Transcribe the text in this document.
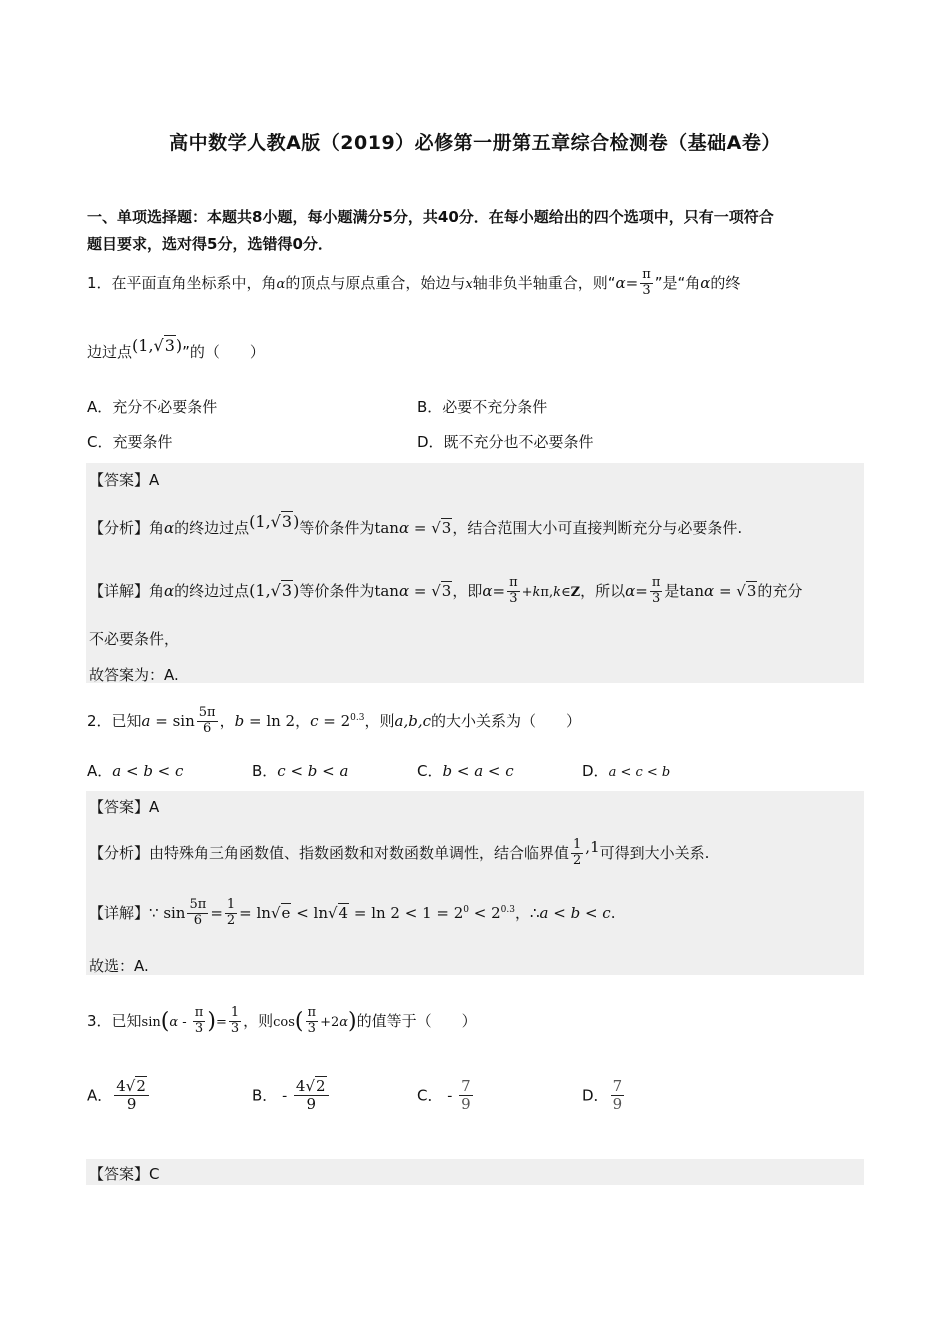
高中数学人教A版（2019）必修第一册第五章综合检测卷（基础A卷）
一、单项选择题：本题共8小题，每小题满分5分，共40分．在每小题给出的四个选项中，只有一项符合
题目要求，选对得5分，选错得0分．
1．在平面直角坐标系中，角α的顶点与原点重合，始边与x轴非负半轴重合，则“$\alpha= \frac{\pi}{3}$ ”是“角α的终
边过点(1,√3)”的（　　）
A．充分不必要条件	B．必要不充分条件
C．充要条件	D．既不充分也不必要条件
【答案】A
【分析】角α的终边过点(1,√3)等价条件为tanα = √3，结合范围大小可直接判断充分与必要条件.
【详解】角α的终边过点(1,√3)等价条件为tanα = √3，即$\alpha= \frac{\pi}{3}$ +kπ,k∈Z，所以$\alpha= \frac{\pi}{3}$ 是tanα = √3的充分
不必要条件，
故答案为：A.
2．已知$a = \sin \frac{5\pi}{6}$ ，b = ln 2，$c = 2^{0.3}$，则a,b,c的大小关系为（　　）
A．a < b < c	B．c < b < a	C．b < a < c	D．a < c < b
【答案】A
【分析】由特殊角三角函数值、指数函数和对数函数单调性，结合临界值 $\frac{1}{2} ,1$可得到大小关系.
【详解】∵ $\sin \frac{5\pi}{6} = \frac{1}{2} = \ln√e < \ln√4 = \ln 2 < 1 = 2^0 < 2^{0.3}$，∴a < b < c.
故选：A.
3．已知$\sin(\alpha - \frac{\pi}{3}$ )= $\frac{1}{3}$ ，则$\cos( \frac{\pi}{3} +2\alpha)$的值等于（　　）
A． $\frac{4√2}{9}$	B． - $\frac{4√2}{9}$	C． - $\frac{7}{9}$	D． $\frac{7}{9}$
【答案】C
